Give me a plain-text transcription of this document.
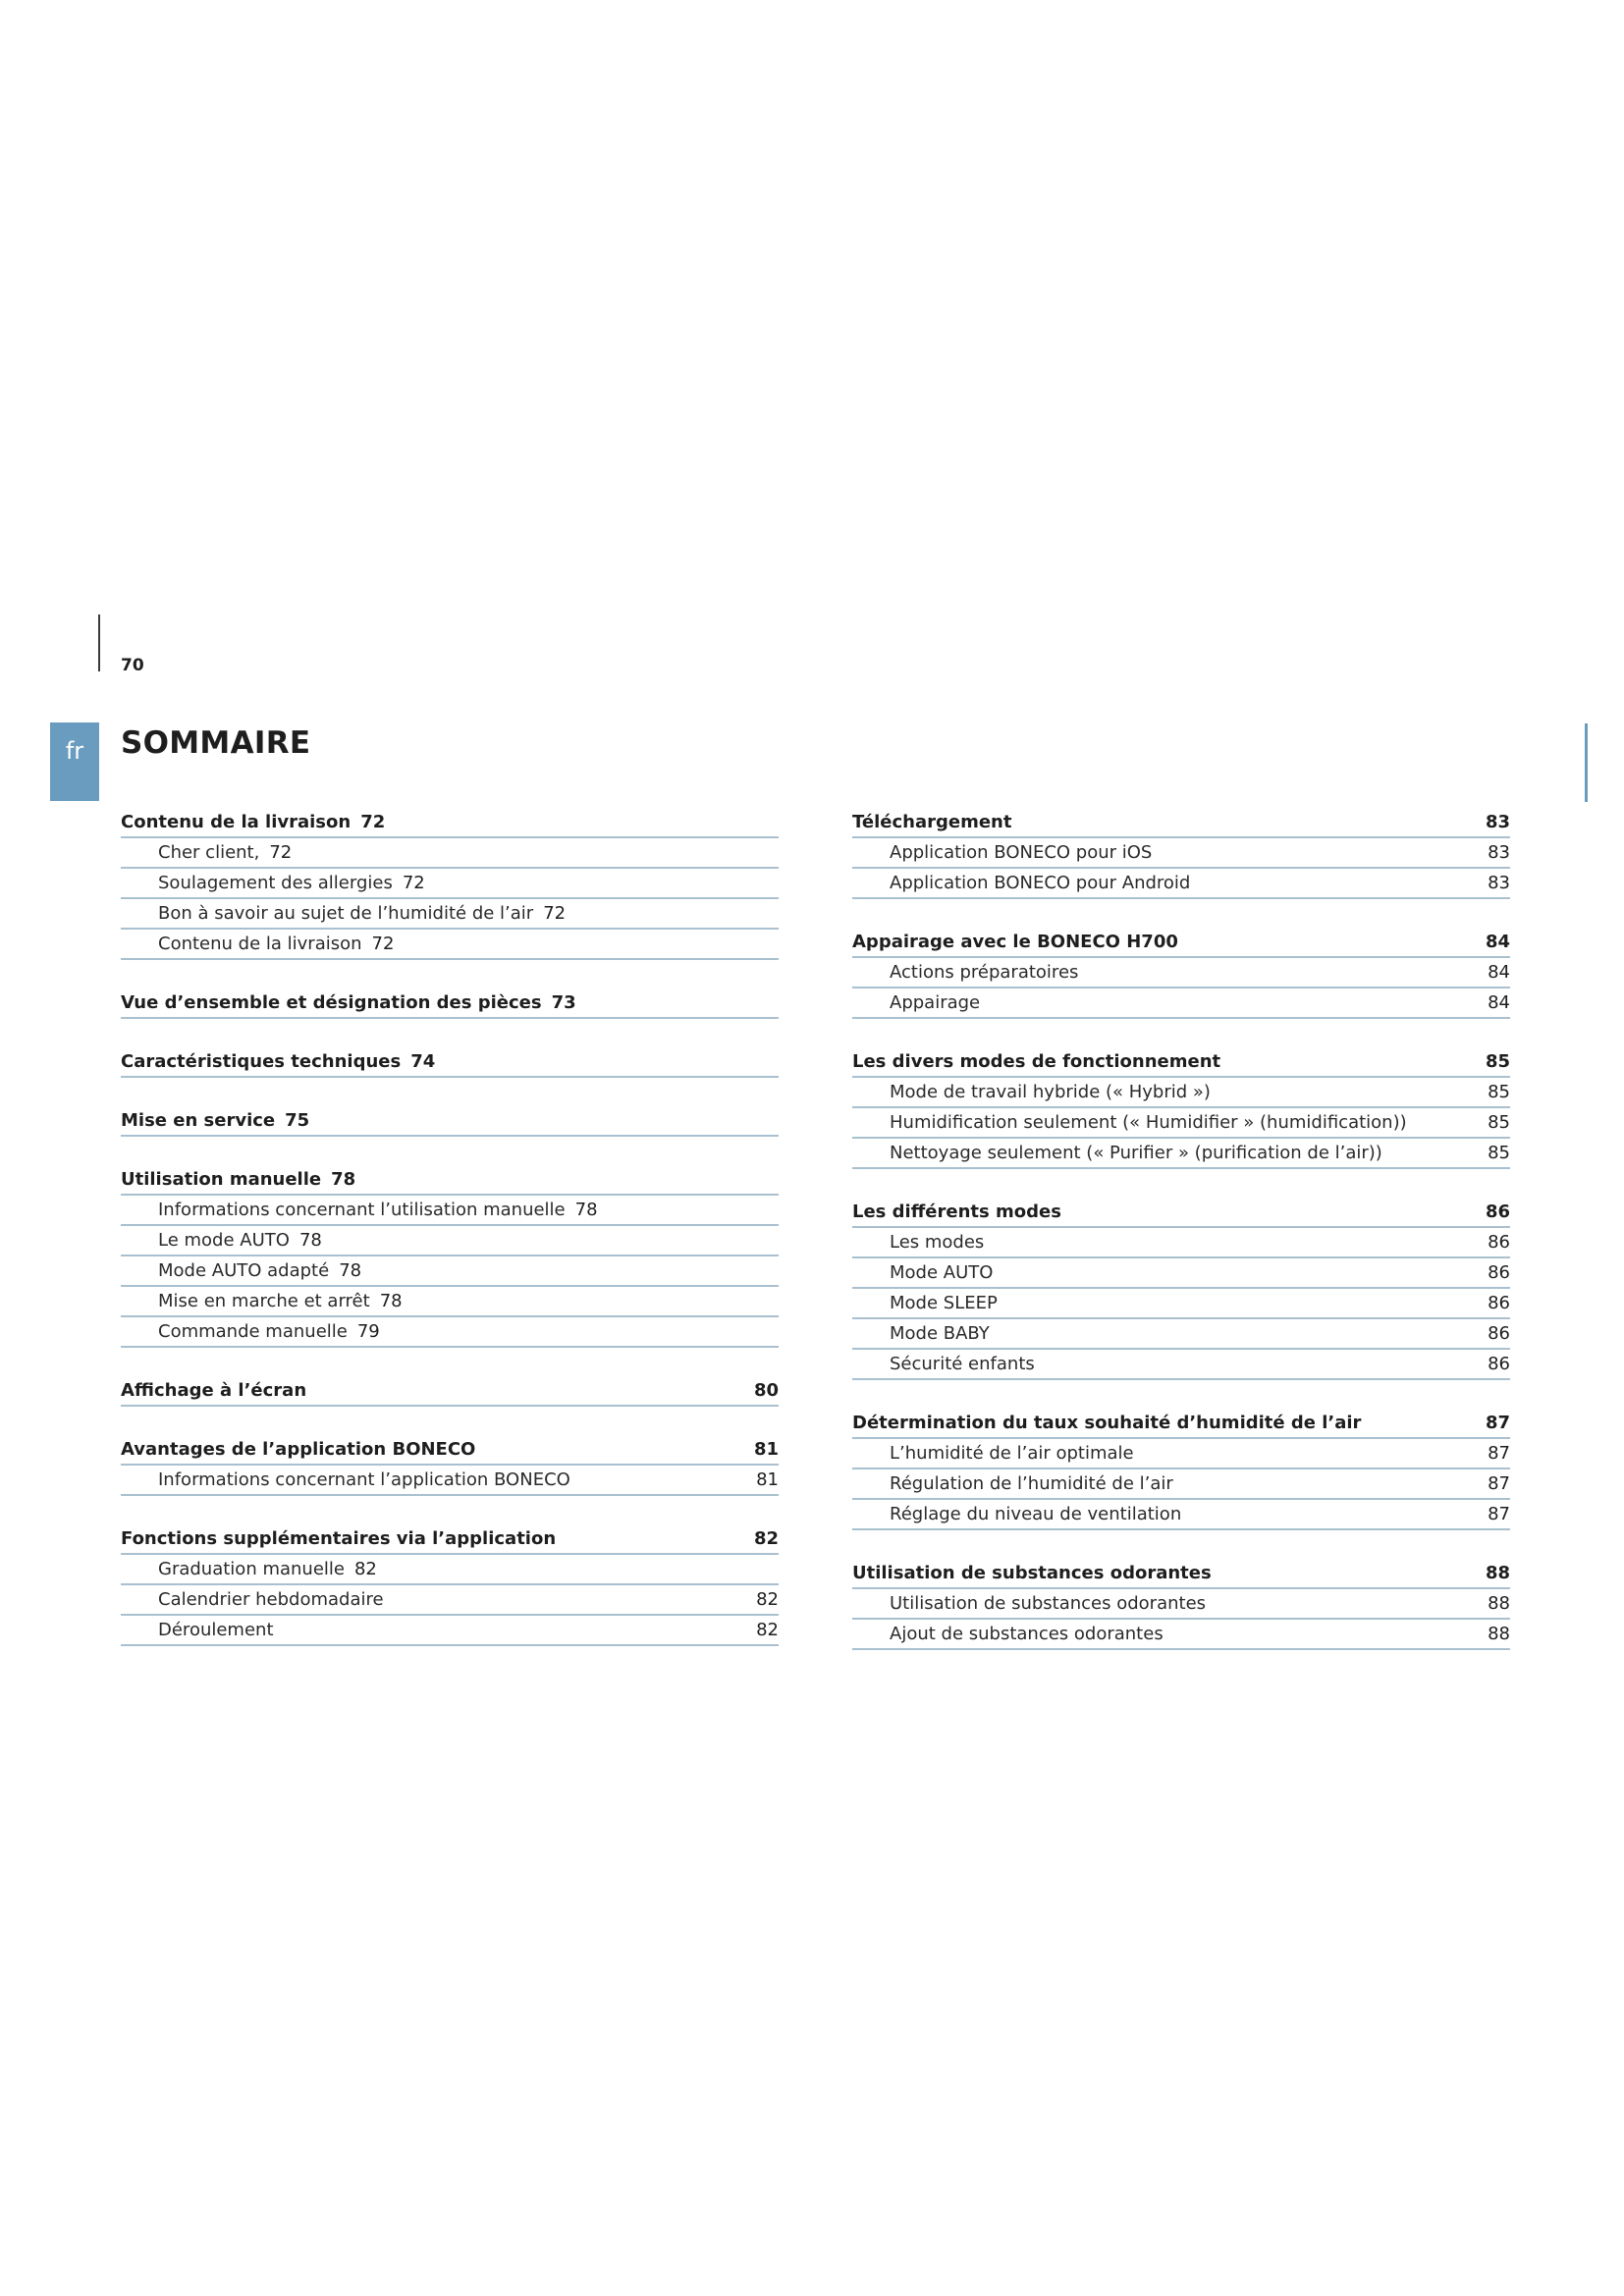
70
fr	SOMMAIRE
Contenu de la livraison 72
Cher client, 72
Soulagement des allergies 72
Bon à savoir au sujet de l’humidité de l’air 72
Contenu de la livraison 72
Vue d’ensemble et désignation des pièces 73
Caractéristiques techniques 74
Mise en service 75
Utilisation manuelle 78
Informations concernant l’utilisation manuelle 78
Le mode AUTO 78
Mode AUTO adapté 78
Mise en marche et arrêt 78
Commande manuelle 79
Affichage à l’écran	80
Avantages de l’application BONECO	81
Informations concernant l’application BONECO	81
Fonctions supplémentaires via l’application	82
Graduation manuelle 82
Calendrier hebdomadaire	82
Déroulement	82
Téléchargement	83
Application BONECO pour iOS	83
Application BONECO pour Android	83
Appairage avec le BONECO H700	84
Actions préparatoires	84
Appairage	84
Les divers modes de fonctionnement	85
Mode de travail hybride (« Hybrid »)	85
Humidification seulement (« Humidifier » (humidification))	85
Nettoyage seulement (« Purifier » (purification de l’air))	85
Les différents modes	86
Les modes	86
Mode AUTO	86
Mode SLEEP	86
Mode BABY	86
Sécurité enfants	86
Détermination du taux souhaité d’humidité de l’air	87
L’humidité de l’air optimale	87
Régulation de l’humidité de l’air	87
Réglage du niveau de ventilation	87
Utilisation de substances odorantes	88
Utilisation de substances odorantes	88
Ajout de substances odorantes	88
